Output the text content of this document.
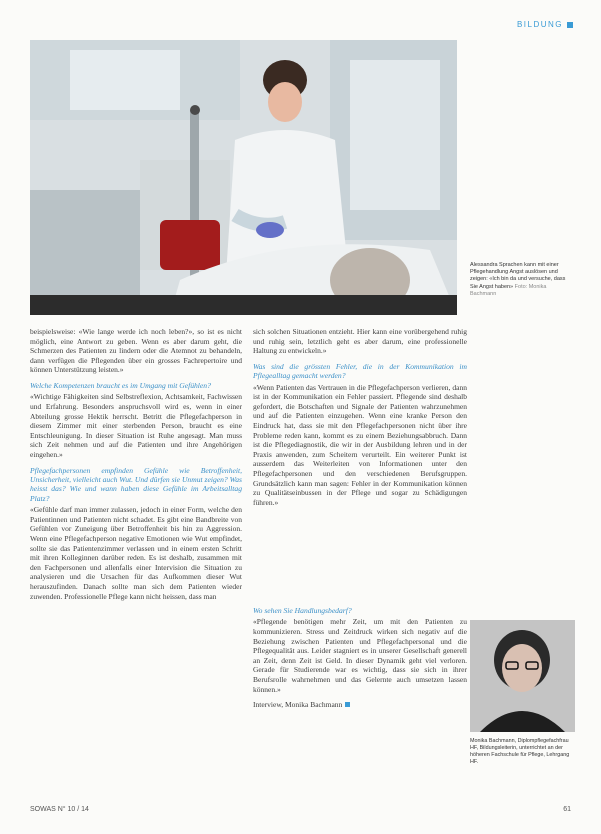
BILDUNG
Alessandra Sprachen kann mit einer Pflegehandlung Angst auslösen und zeigen: «Ich bin da und versuche, dass Sie Angst haben» Foto: Monika Bachmann

beispielsweise: «Wie lange werde ich noch leben?», so ist es nicht möglich, eine Antwort zu geben. Wenn es aber darum geht, die Schmerzen des Patienten zu lindern oder die Atemnot zu behandeln, dann verfügen die Pflegenden über ein grosses Fachrepertoire und können Unterstützung leisten.»

Welche Kompetenzen braucht es im Umgang mit Gefühlen?

«Wichtige Fähigkeiten sind Selbstreflexion, Achtsamkeit, Fachwissen und Erfahrung. Besonders anspruchsvoll wird es, wenn in einer Abteilung grosse Hektik herrscht. Betritt die Pflegefachperson in diesem Zimmer mit einer sterbenden Person, braucht es eine Entschleunigung. In dieser Situation ist Ruhe angesagt. Man muss sich Zeit nehmen und auf die Patienten und ihre Angehörigen eingehen.»

Pflegefachpersonen empfinden Gefühle wie Betroffenheit, Unsicherheit, vielleicht auch Wut. Und dürfen sie Unmut zeigen? Was heisst das? Wie und wann haben diese Gefühle im Arbeitsalltag Platz?

«Gefühle darf man immer zulassen, jedoch in einer Form, welche den Patientinnen und Patienten nicht schadet. Es gibt eine Bandbreite von Gefühlen vor Zuneigung über Betroffenheit bis hin zu Aggression. Wenn eine Pflegefachperson negative Emotionen wie Wut empfindet, sollte sie das Patientenzimmer verlassen und in einem ersten Schritt mit ihren Kolleginnen darüber reden. Es ist deshalb, zusammen mit den Fachpersonen und allenfalls einer Intervision die Situation zu analysieren und die Ursachen für das Aufkommen dieser Wut herauszufinden. Danach sollte man sich dem Patienten wieder zuwenden. Professionelle Pflege kann nicht heissen, dass man

sich solchen Situationen entzieht. Hier kann eine vorübergehend ruhig und ruhig sein, letztlich geht es aber darum, eine professionelle Haltung zu entwickeln.»

Was sind die grössten Fehler, die in der Kommunikation im Pflegealltag gemacht werden?

«Wenn Patienten das Vertrauen in die Pflegefachperson verlieren, dann ist in der Kommunikation ein Fehler passiert. Pflegende sind deshalb gefordert, die Botschaften und Signale der Patienten wahrzunehmen und auf die Patienten einzugehen. Wenn eine kranke Person den Eindruck hat, dass sie mit den Pflegefachpersonen nicht über ihre Probleme reden kann, kommt es zu einem Beziehungsabbruch. Dann ist die Pflegediagnostik, die wir in der Ausbildung lehren und in der Praxis anwenden, zum Scheitern verurteilt. Ein weiterer Punkt ist ausserdem das Weiterleiten von Informationen unter den Pflegefachpersonen und den verschiedenen Berufsgruppen. Grundsätzlich kann man sagen: Fehler in der Kommunikation können zu Qualitätseinbussen in der Pflege und sogar zu Schädigungen führen.»

Wo sehen Sie Handlungsbedarf?

«Pflegende benötigen mehr Zeit, um mit den Patienten zu kommunizieren. Stress und Zeitdruck wirken sich negativ auf die Beziehung zwischen Patienten und Pflegefachpersonal und die Pflegequalität aus. Leider stagniert es in unserer Gesellschaft generell an Zeit, denn Zeit ist Geld. In dieser Dynamik geht viel verloren. Gerade für Studierende war es wichtig, dass sie sich in ihrer Berufsrolle wahrnehmen und das Gelernte auch umsetzen lassen können.»

Interview, Monika Bachmann
Monika Bachmann, Diplompflegefachfrau HF, Bildungsleiterin, unterrichtet an der höheren Fachschule für Pflege, Lehrgang HF.
SOWAS N° 10 / 14	61
